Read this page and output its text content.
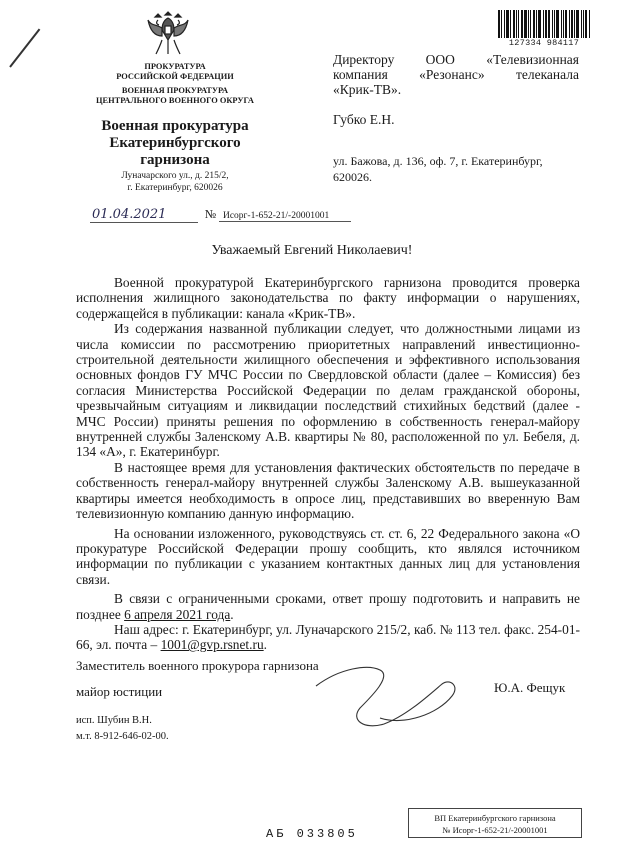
ПРОКУРАТУРА
РОССИЙСКОЙ ФЕДЕРАЦИИ
ВОЕННАЯ ПРОКУРАТУРА
ЦЕНТРАЛЬНОГО ВОЕННОГО ОКРУГА
Военная прокуратура
Екатеринбургского
гарнизона
Луначарского ул., д. 215/2,
г. Екатеринбург, 620026
127334 984117
Директору ООО «Телевизионная
компания «Резонанс» телеканала
«Крик-ТВ».
Губко Е.Н.
ул. Бажова, д. 136, оф. 7, г. Екатеринбург,
620026.
01.04.2021	№ Исорг-1-652-21/-20001001
Уважаемый Евгений Николаевич!

Военной прокуратурой Екатеринбургского гарнизона проводится проверка исполнения жилищного законодательства по факту информации о нарушениях, содержащейся в публикации: канала «Крик-ТВ».

Из содержания названной публикации следует, что должностными лицами из числа комиссии по рассмотрению приоритетных направлений инвестиционно-строительной деятельности жилищного обеспечения и эффективного использования основных фондов ГУ МЧС России по Свердловской области (далее – Комиссия) без согласия Министерства Российской Федерации по делам гражданской обороны, чрезвычайным ситуациям и ликвидации последствий стихийных бедствий (далее - МЧС России) приняты решения по оформлению в собственность генерал-майору внутренней службы Заленскому А.В. квартиры № 80, расположенной по ул. Бебеля, д. 134 «А», г. Екатеринбург.

В настоящее время для установления фактических обстоятельств по передаче в собственность генерал-майору внутренней службы Заленскому А.В. вышеуказанной квартиры имеется необходимость в опросе лиц, представивших во вверенную Вам телевизионную компанию данную информацию.

На основании изложенного, руководствуясь ст. ст. 6, 22 Федерального закона «О прокуратуре Российской Федерации прошу сообщить, кто являлся источником информации по публикации с указанием контактных данных лиц для установления связи.

В связи с ограниченными сроками, ответ прошу подготовить и направить не позднее 6 апреля 2021 года.

Наш адрес: г. Екатеринбург, ул. Луначарского 215/2, каб. № 113 тел. факс. 254-01-66, эл. почта – 1001@gvp.rsnet.ru.

Заместитель военного прокурора гарнизона
майор юстиции	Ю.А. Фещук
исп. Шубин В.Н.
м.т. 8-912-646-02-00.
АБ 033805
ВП Екатеринбургского гарнизона
№ Исорг-1-652-21/-20001001
